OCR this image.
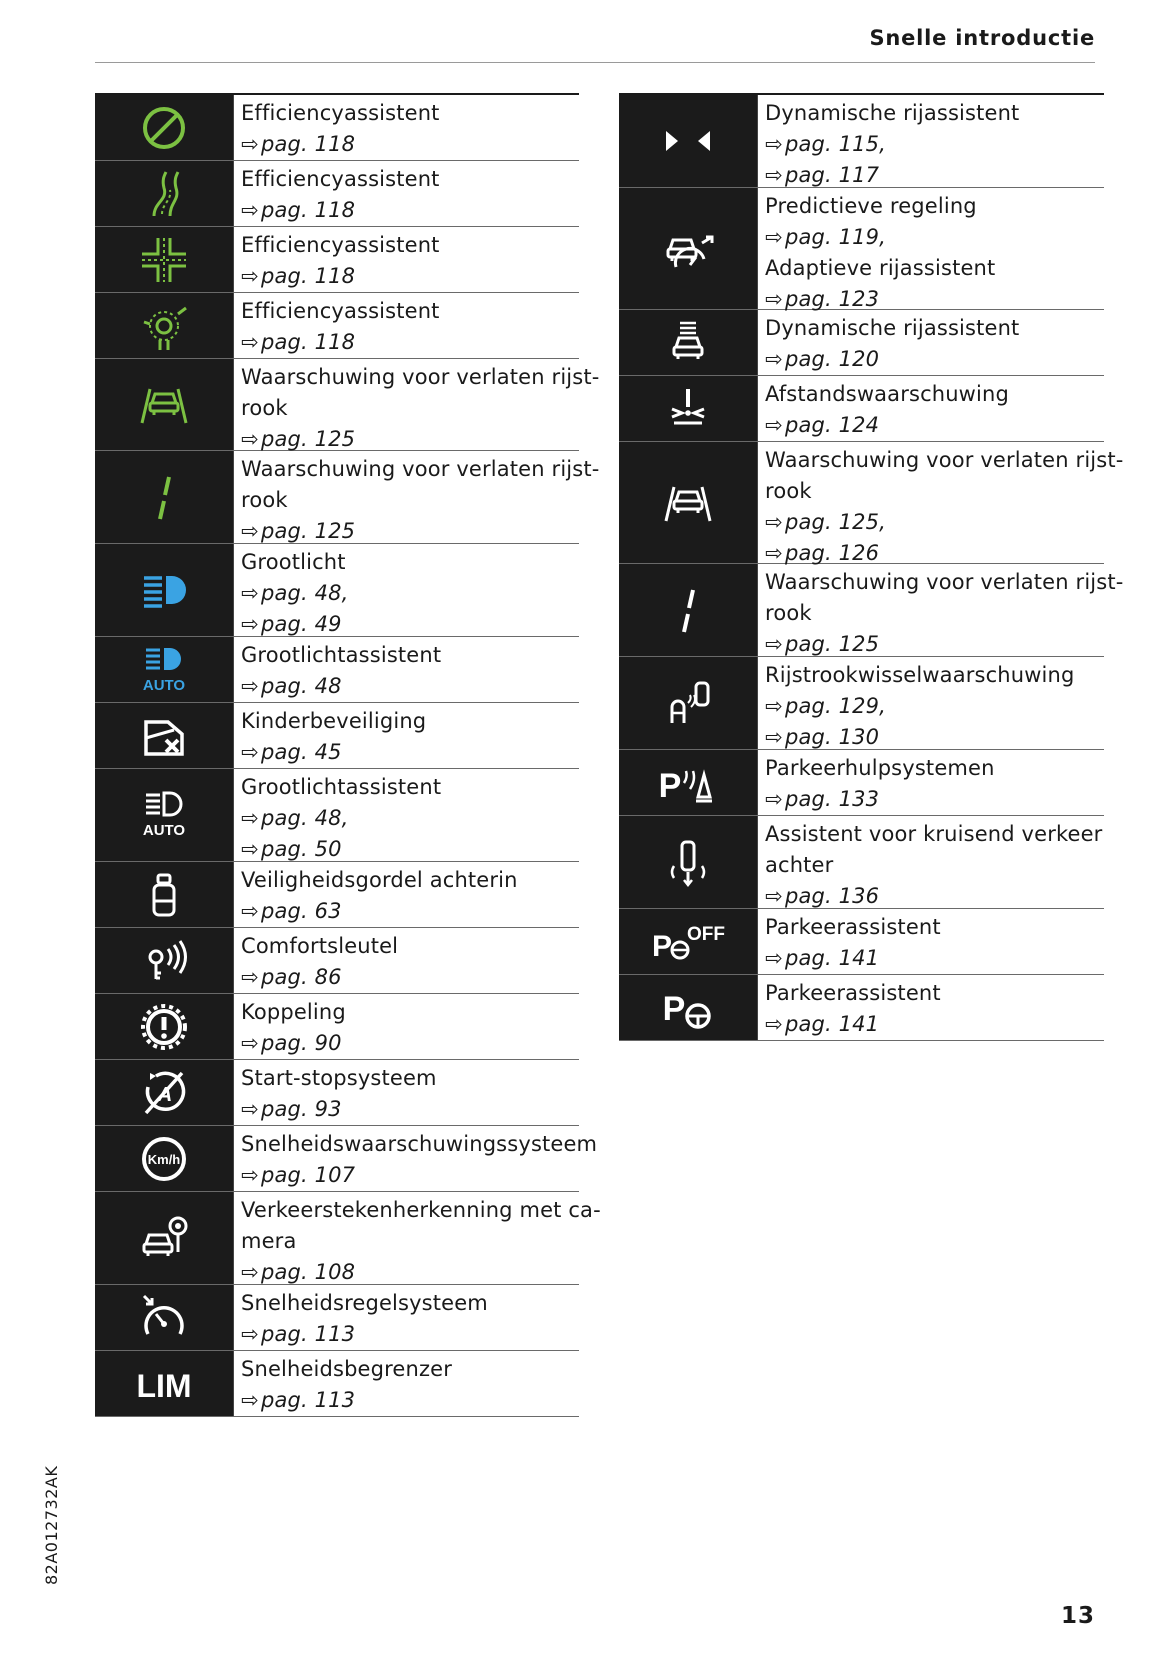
Snelle introductie
Efficiencyassistent
⇨ pag. 118
Efficiencyassistent
⇨ pag. 118
Efficiencyassistent
⇨ pag. 118
Efficiencyassistent
⇨ pag. 118
Waarschuwing voor verlaten rijst-
rook
⇨ pag. 125
Waarschuwing voor verlaten rijst-
rook
⇨ pag. 125
Grootlicht
⇨ pag. 48,
⇨ pag. 49
AUTO
Grootlichtassistent
⇨ pag. 48
Kinderbeveiliging
⇨ pag. 45
AUTO
Grootlichtassistent
⇨ pag. 48,
⇨ pag. 50
Veiligheidsgordel achterin
⇨ pag. 63
Comfortsleutel
⇨ pag. 86
Koppeling
⇨ pag. 90
A
Start-stopsysteem
⇨ pag. 93
Km/h
Snelheidswaarschuwingssysteem
⇨ pag. 107
Verkeerstekenherkenning met ca-
mera
⇨ pag. 108
Snelheidsregelsysteem
⇨ pag. 113
LIM Snelheidsbegrenzer
⇨ pag. 113
Dynamische rijassistent
⇨ pag. 115,
⇨ pag. 117
Predictieve regeling
⇨ pag. 119,
Adaptieve rijassistent
⇨ pag. 123
Dynamische rijassistent
⇨ pag. 120
Afstandswaarschuwing
⇨ pag. 124
Waarschuwing voor verlaten rijst-
rook
⇨ pag. 125,
⇨ pag. 126
Waarschuwing voor verlaten rijst-
rook
⇨ pag. 125
Rijstrookwisselwaarschuwing
⇨ pag. 129,
⇨ pag. 130
P	Parkeerhulpsystemen
⇨ pag. 133
Assistent voor kruisend verkeer
achter
⇨ pag. 136
P OFF Parkeerassistent
⇨ pag. 141
P	Parkeerassistent
⇨ pag. 141
82A012732AK
13
